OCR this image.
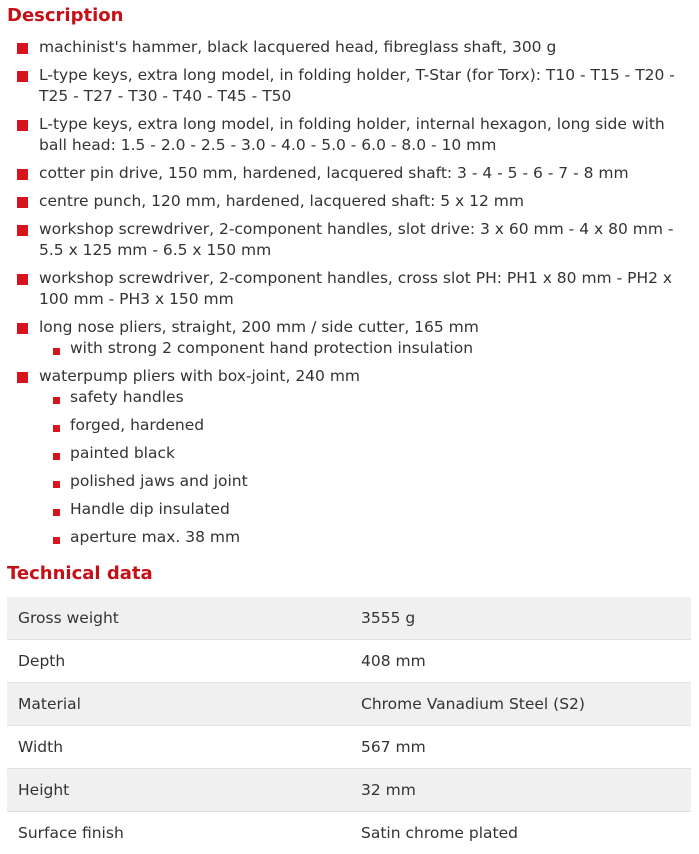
Description
machinist's hammer, black lacquered head, fibreglass shaft, 300 g
L-type keys, extra long model, in folding holder, T-Star (for Torx): T10 - T15 - T20 - T25 - T27 - T30 - T40 - T45 - T50
L-type keys, extra long model, in folding holder, internal hexagon, long side with ball head: 1.5 - 2.0 - 2.5 - 3.0 - 4.0 - 5.0 - 6.0 - 8.0 - 10 mm
cotter pin drive, 150 mm, hardened, lacquered shaft: 3 - 4 - 5 - 6 - 7 - 8 mm
centre punch, 120 mm, hardened, lacquered shaft: 5 x 12 mm
workshop screwdriver, 2-component handles, slot drive: 3 x 60 mm - 4 x 80 mm - 5.5 x 125 mm - 6.5 x 150 mm
workshop screwdriver, 2-component handles, cross slot PH: PH1 x 80 mm - PH2 x 100 mm - PH3 x 150 mm
long nose pliers, straight, 200 mm / side cutter, 165 mm
with strong 2 component hand protection insulation
waterpump pliers with box-joint, 240 mm
safety handles
forged, hardened
painted black
polished jaws and joint
Handle dip insulated
aperture max. 38 mm
Technical data
Gross weight	3555 g
Depth	408 mm
Material	Chrome Vanadium Steel (S2)
Width	567 mm
Height	32 mm
Surface finish	Satin chrome plated
